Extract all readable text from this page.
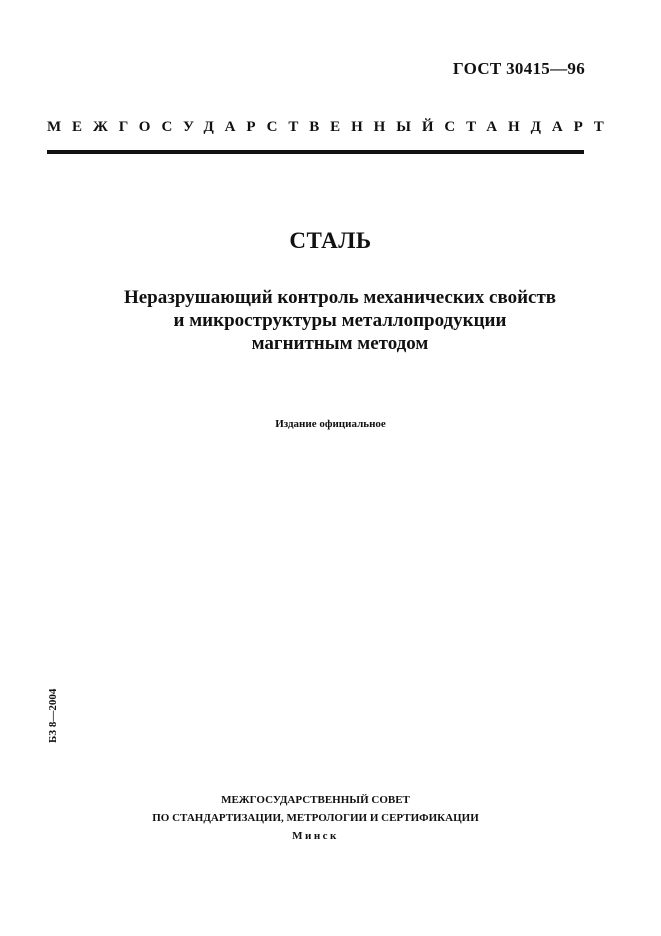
ГОСТ 30415—96
МЕЖГОСУДАРСТВЕННЫЙ СТАНДАРТ
СТАЛЬ
Неразрушающий контроль механических свойств
и микроструктуры металлопродукции
магнитным методом
Издание официальное
БЗ 8—2004
МЕЖГОСУДАРСТВЕННЫЙ СОВЕТ
ПО СТАНДАРТИЗАЦИИ, МЕТРОЛОГИИ И СЕРТИФИКАЦИИ
Минск
